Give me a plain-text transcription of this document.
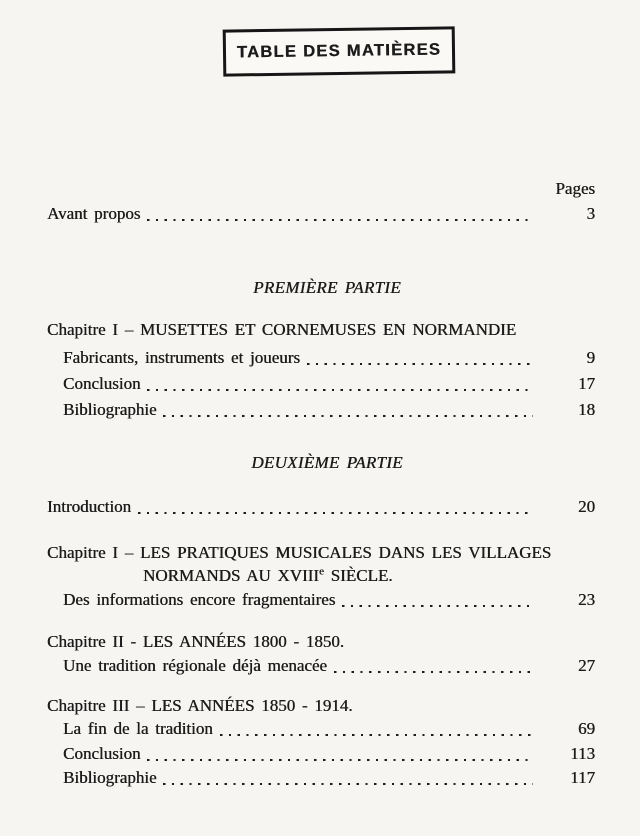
TABLE DES MATIÈRES
Pages
Avant propos	3
PREMIÈRE PARTIE
Chapitre I – MUSETTES ET CORNEMUSES EN NORMANDIE
Fabricants, instruments et joueurs	9
Conclusion	17
Bibliographie	18
DEUXIÈME PARTIE
Introduction	20
Chapitre I – LES PRATIQUES MUSICALES DANS LES VILLAGES
NORMANDS AU XVIIIe SIÈCLE.
Des informations encore fragmentaires	23
Chapitre II - LES ANNÉES 1800 - 1850.
Une tradition régionale déjà menacée	27
Chapitre III – LES ANNÉES 1850 - 1914.
La fin de la tradition	69
Conclusion	113
Bibliographie	117
